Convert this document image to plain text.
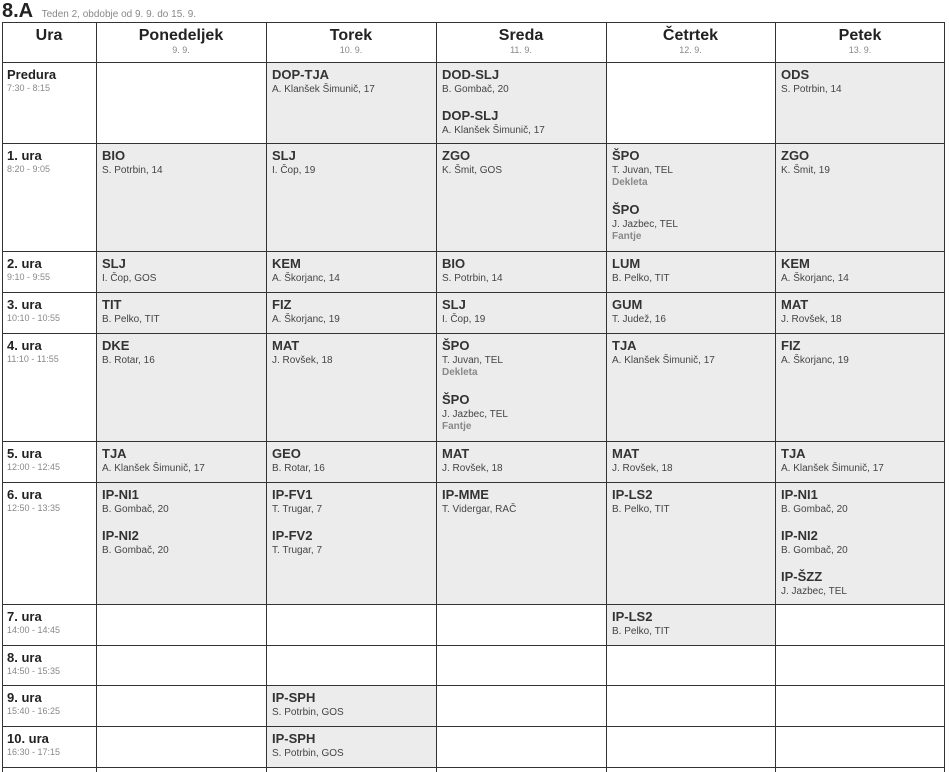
8.A Teden 2, obdobje od 9. 9. do 15. 9.
Ura	Ponedeljek
9. 9.
Torek
10. 9.
Sreda
11. 9.
Četrtek
12. 9.
Petek
13. 9.
Predura
7:30 - 8:15
1. ura
8:20 - 9:05
2. ura
9:10 - 9:55
3. ura
10:10 - 10:55
4. ura
11:10 - 11:55
5. ura
12:00 - 12:45
6. ura
12:50 - 13:35
7. ura
14:00 - 14:45
8. ura
14:50 - 15:35
9. ura
15:40 - 16:25
10. ura
16:30 - 17:15
DOP-TJA
A. Klanšek Šimunič, 17
DOD-SLJ
B. Gombač, 20
DOP-SLJ
A. Klanšek Šimunič, 17
ODS
S. Potrbin, 14
BIO
S. Potrbin, 14
SLJ
I. Čop, 19
ZGO
K. Šmit, GOS
ŠPO
T. Juvan, TEL
Dekleta
ŠPO
J. Jazbec, TEL
Fantje
ZGO
K. Šmit, 19
SLJ
I. Čop, GOS
KEM
A. Škorjanc, 14
BIO
S. Potrbin, 14
LUM
B. Pelko, TIT
KEM
A. Škorjanc, 14
TIT
B. Pelko, TIT
FIZ
A. Škorjanc, 19
SLJ
I. Čop, 19
GUM
T. Judež, 16
MAT
J. Rovšek, 18
DKE
B. Rotar, 16
MAT
J. Rovšek, 18
ŠPO
T. Juvan, TEL
Dekleta
ŠPO
J. Jazbec, TEL
Fantje
TJA
A. Klanšek Šimunič, 17
FIZ
A. Škorjanc, 19
TJA
A. Klanšek Šimunič, 17
GEO
B. Rotar, 16
MAT
J. Rovšek, 18
MAT
J. Rovšek, 18
TJA
A. Klanšek Šimunič, 17
IP-NI1
B. Gombač, 20
IP-NI2
B. Gombač, 20
IP-FV1
T. Trugar, 7
IP-FV2
T. Trugar, 7
IP-MME
T. Vidergar, RAČ
IP-LS2
B. Pelko, TIT
IP-NI1
B. Gombač, 20
IP-NI2
B. Gombač, 20
IP-ŠZZ
J. Jazbec, TEL
IP-LS2
B. Pelko, TIT
IP-SPH
S. Potrbin, GOS
IP-SPH
S. Potrbin, GOS
